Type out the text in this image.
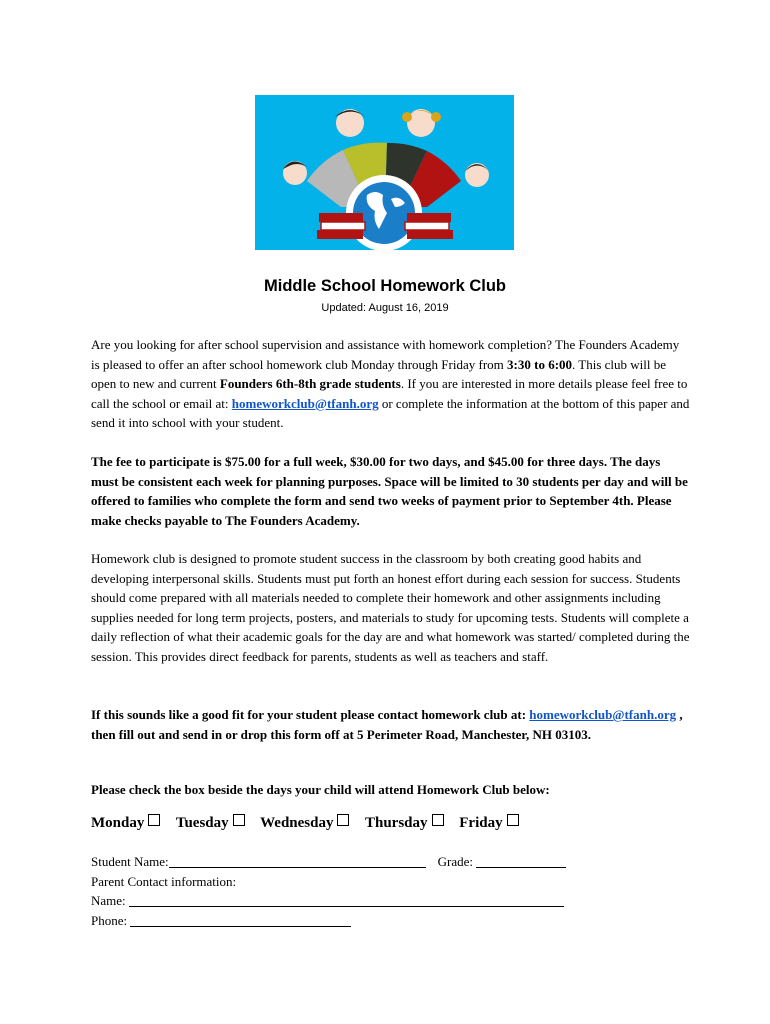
Middle School Homework Club
Updated: August 16, 2019

Are you looking for after school supervision and assistance with homework completion? The Founders Academy is pleased to offer an after school homework club Monday through Friday from 3:30 to 6:00. This club will be open to new and current Founders 6th-8th grade students. If you are interested in more details please feel free to call the school or email at: homeworkclub@tfanh.org or complete the information at the bottom of this paper and send it into school with your student.

The fee to participate is $75.00 for a full week, $30.00 for two days, and $45.00 for three days. The days must be consistent each week for planning purposes. Space will be limited to 30 students per day and will be offered to families who complete the form and send two weeks of payment prior to September 4th. Please make checks payable to The Founders Academy.

Homework club is designed to promote student success in the classroom by both creating good habits and developing interpersonal skills. Students must put forth an honest effort during each session for success. Students should come prepared with all materials needed to complete their homework and other assignments including supplies needed for long term projects, posters, and materials to study for upcoming tests. Students will complete a daily reflection of what their academic goals for the day are and what homework was started/ completed during the session. This provides direct feedback for parents, students as well as teachers and staff.

If this sounds like a good fit for your student please contact homework club at: homeworkclub@tfanh.org , then fill out and send in or drop this form off at 5 Perimeter Road, Manchester, NH 03103.

Please check the box beside the days your child will attend Homework Club below:
Monday Tuesday Wednesday Thursday Friday
Student Name:	Grade:
Parent Contact information:
Name:
Phone:
